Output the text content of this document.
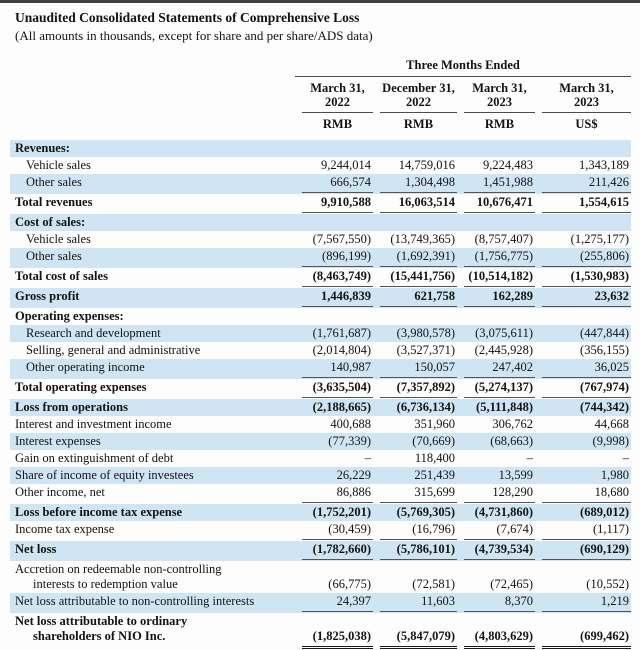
Unaudited Consolidated Statements of Comprehensive Loss
(All amounts in thousands, except for share and per share/ADS data)
Three Months Ended
March 31,
2022
December 31,
2022
March 31,
2023
March 31,
2023
RMB	RMB	RMB	US$
Revenues:
Vehicle sales	9,244,014	14,759,016	9,224,483	1,343,189
Other sales	666,574	1,304,498	1,451,988	211,426
Total revenues	9,910,588	16,063,514	10,676,471	1,554,615
Cost of sales:
Vehicle sales	(7,567,550)	(13,749,365)	(8,757,407)	(1,275,177)
Other sales	(896,199)	(1,692,391)	(1,756,775)	(255,806)
Total cost of sales	(8,463,749)	(15,441,756)	(10,514,182)	(1,530,983)
Gross profit	1,446,839	621,758	162,289	23,632
Operating expenses:
Research and development	(1,761,687)	(3,980,578)	(3,075,611)	(447,844)
Selling, general and administrative	(2,014,804)	(3,527,371)	(2,445,928)	(356,155)
Other operating income	140,987	150,057	247,402	36,025
Total operating expenses	(3,635,504)	(7,357,892)	(5,274,137)	(767,974)
Loss from operations	(2,188,665)	(6,736,134)	(5,111,848)	(744,342)
Interest and investment income	400,688	351,960	306,762	44,668
Interest expenses	(77,339)	(70,669)	(68,663)	(9,998)
Gain on extinguishment of debt	–	118,400	–	–
Share of income of equity investees	26,229	251,439	13,599	1,980
Other income, net	86,886	315,699	128,290	18,680
Loss before income tax expense	(1,752,201)	(5,769,305)	(4,731,860)	(689,012)
Income tax expense	(30,459)	(16,796)	(7,674)	(1,117)
Net loss	(1,782,660)	(5,786,101)	(4,739,534)	(690,129)
Accretion on redeemable non-controlling
interests to redemption value	(66,775)	(72,581)	(72,465)	(10,552)
Net loss attributable to non-controlling interests	24,397	11,603	8,370	1,219
Net loss attributable to ordinary
shareholders of NIO Inc.	(1,825,038)	(5,847,079)	(4,803,629)	(699,462)
